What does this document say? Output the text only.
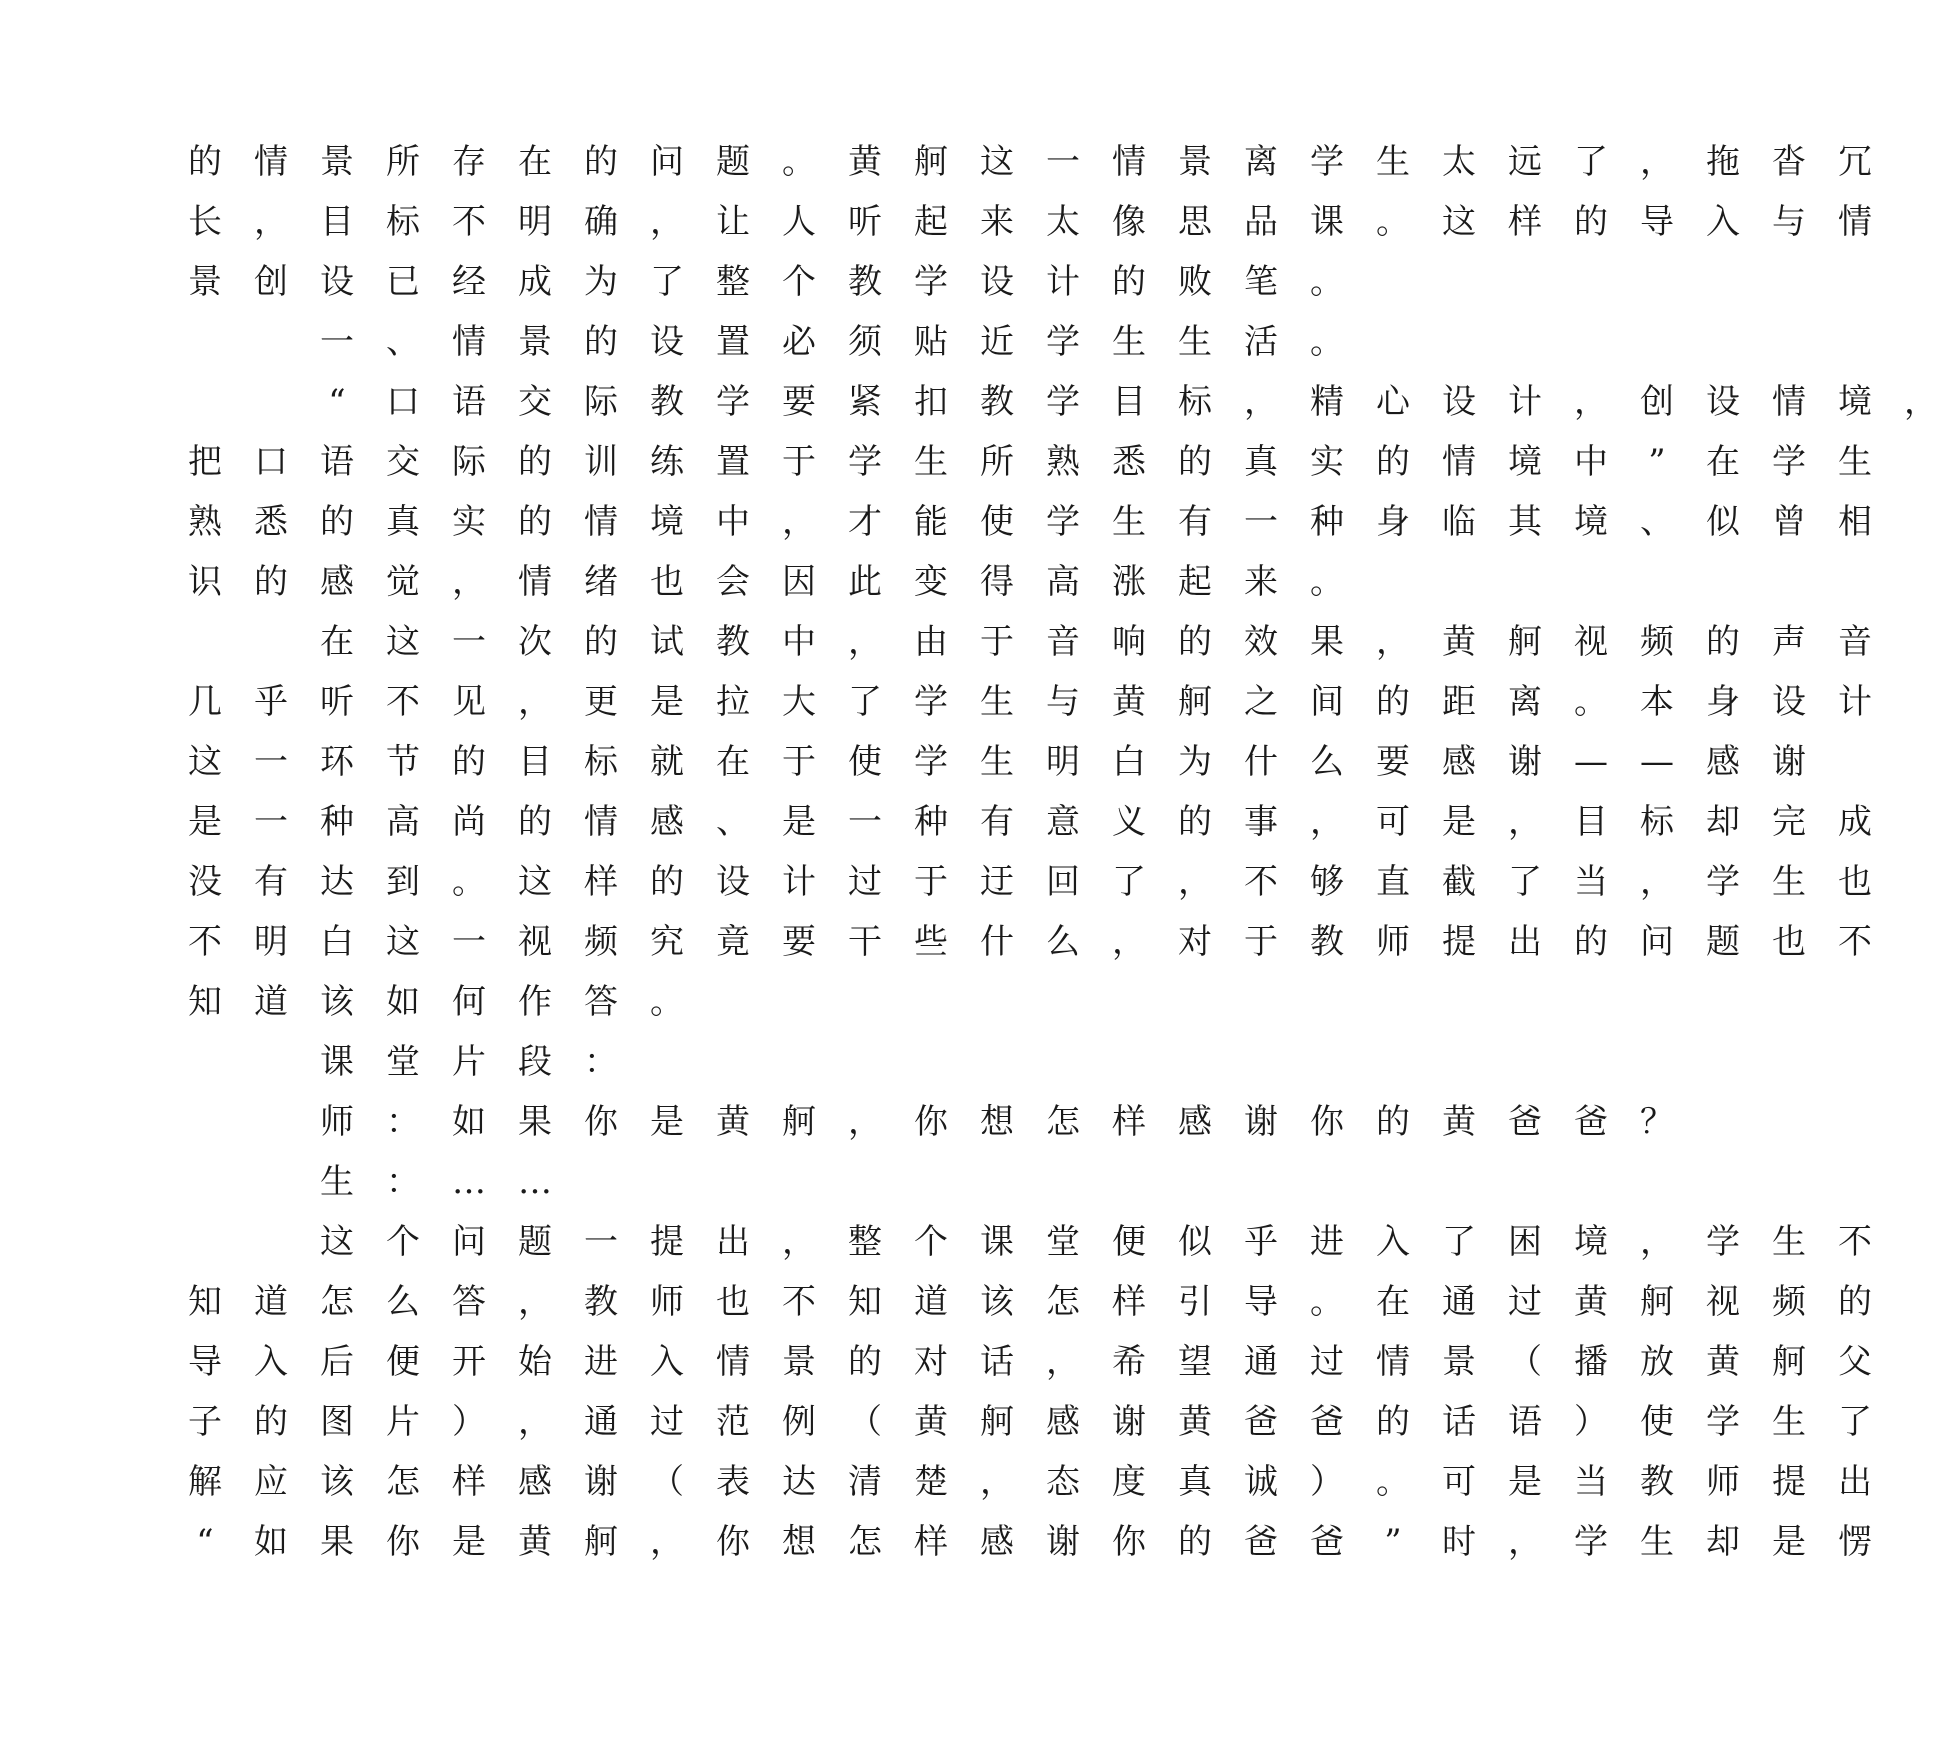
的 情 景 所 存 在 的 问 题 。 黄 舸 这 一 情 景 离 学 生 太 远 了 ， 拖 沓 冗
长 ， 目 标 不 明 确 ， 让 人 听 起 来 太 像 思 品 课 。 这 样 的 导 入 与 情
景 创 设 已 经 成 为 了 整 个 教 学 设 计 的 败 笔 。
一 、 情 景 的 设 置 必 须 贴 近 学 生 生 活 。
“	口 语 交 际 教 学 要 紧 扣 教 学 目 标 ， 精 心 设 计 ， 创 设 情 境 ，
把 口 语 交 际 的 训 练 置 于 学 生 所 熟 悉 的 真 实 的 情 境 中	”	在 学 生
熟 悉 的 真 实 的 情 境 中 ， 才 能 使 学 生 有 一 种 身 临 其 境 、 似 曾 相
识 的 感 觉 ， 情 绪 也 会 因 此 变 得 高 涨 起 来 。
在 这 一 次 的 试 教 中 ， 由 于 音 响 的 效 果 ， 黄 舸 视 频 的 声 音
几 乎 听 不 见 ， 更 是 拉 大 了 学 生 与 黄 舸 之 间 的 距 离 。 本 身 设 计
这 一 环 节 的 目 标 就 在 于 使 学 生 明 白 为 什 么 要 感 谢 — — 感 谢
是 一 种 高 尚 的 情 感 、 是 一 种 有 意 义 的 事 ， 可 是 ， 目 标 却 完 成
没 有 达 到 。 这 样 的 设 计 过 于 迂 回 了 ， 不 够 直 截 了 当 ， 学 生 也
不 明 白 这 一 视 频 究 竟 要 干 些 什 么 ， 对 于 教 师 提 出 的 问 题 也 不
知 道 该 如 何 作 答 。
课 堂 片 段 ：
师 ： 如 果 你 是 黄 舸 ， 你 想 怎 样 感 谢 你 的 黄 爸 爸 ？
生 ： … …
这 个 问 题 一 提 出 ， 整 个 课 堂 便 似 乎 进 入 了 困 境 ， 学 生 不
知 道 怎 么 答 ， 教 师 也 不 知 道 该 怎 样 引 导 。 在 通 过 黄 舸 视 频 的
导 入 后 便 开 始 进 入 情 景 的 对 话 ， 希 望 通 过 情 景 （ 播 放 黄 舸 父
子 的 图 片 ） ， 通 过 范 例 （ 黄 舸 感 谢 黄 爸 爸 的 话 语 ） 使 学 生 了
解 应 该 怎 样 感 谢 （ 表 达 清 楚 ， 态 度 真 诚 ） 。 可 是 当 教 师 提 出
“	如 果 你 是 黄 舸 ， 你 想 怎 样 感 谢 你 的 爸 爸	”	时 ， 学 生 却 是 愣
